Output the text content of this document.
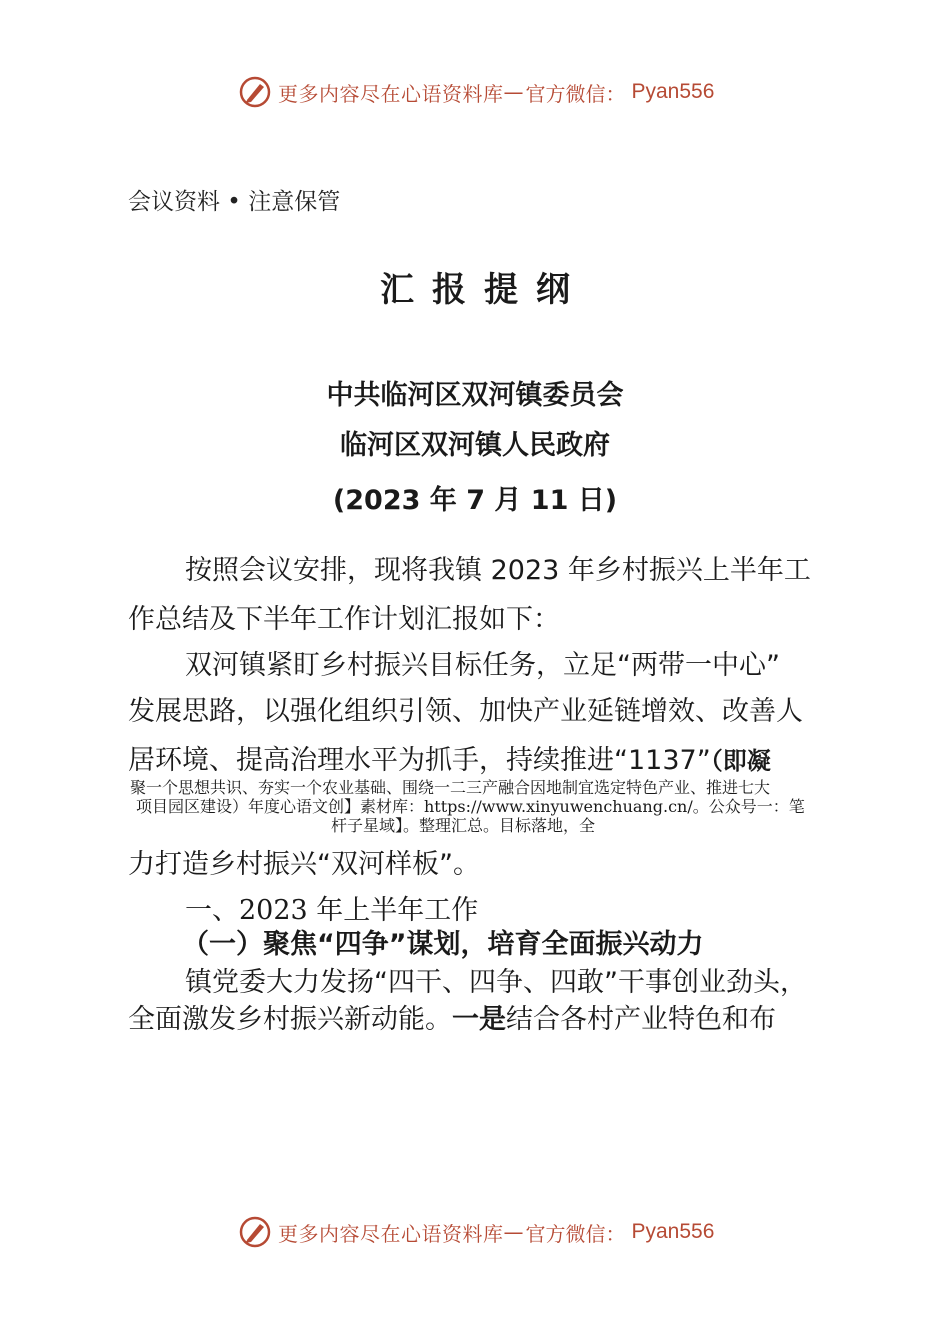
更多内容尽在心语资料库 — 官方微信： Pyan556
会议资料 • 注意保管
汇报提纲
中共临河区双河镇委员会
临河区双河镇人民政府
(2023 年 7 月 11 日)
按照会议安排，现将我镇 2023 年乡村振兴上半年工
作总结及下半年工作计划汇报如下：
双河镇紧盯乡村振兴目标任务，立足“两带一中心”
发展思路，以强化组织引领、加快产业延链增效、改善人
居环境、提高治理水平为抓手，持续推进“1137”（即凝
聚一个思想共识、夯实一个农业基础、围绕一二三产融合因地制宜选定特色产业、推进七大
项目园区建设）年度心语文创】素材库：https://www.xinyuwenchuang.cn/。公众号一：笔
杆子星域】。整理汇总。目标落地，全
力打造乡村振兴“双河样板”。
一、2023 年上半年工作
（一）聚焦“四争”谋划，培育全面振兴动力
镇党委大力发扬“四干、四争、四敢”干事创业劲头，
全面激发乡村振兴新动能。一是结合各村产业特色和布
更多内容尽在心语资料库 — 官方微信： Pyan556
